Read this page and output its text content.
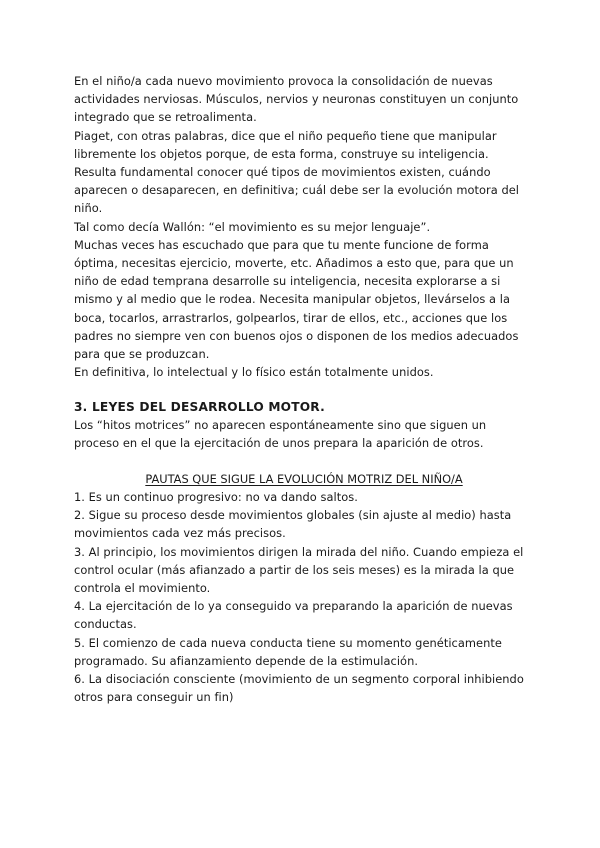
En el niño/a cada nuevo movimiento provoca la consolidación de nuevas actividades nerviosas. Músculos, nervios y neuronas constituyen un conjunto integrado que se retroalimenta.

Piaget, con otras palabras, dice que el niño pequeño tiene que manipular libremente los objetos porque, de esta forma, construye su inteligencia.

Resulta fundamental conocer qué tipos de movimientos existen, cuándo aparecen o desaparecen, en definitiva; cuál debe ser la evolución motora del niño.

Tal como decía Wallón: “el movimiento es su mejor lenguaje”.

Muchas veces has escuchado que para que tu mente funcione de forma óptima, necesitas ejercicio, moverte, etc. Añadimos a esto que, para que un niño de edad temprana desarrolle su inteligencia, necesita explorarse a si mismo y al medio que le rodea. Necesita manipular objetos, llevárselos a la boca, tocarlos, arrastrarlos, golpearlos, tirar de ellos, etc., acciones que los padres no siempre ven con buenos ojos o disponen de los medios adecuados para que se produzcan.

En definitiva, lo intelectual y lo físico están totalmente unidos.

3. LEYES DEL DESARROLLO MOTOR.

Los “hitos motrices” no aparecen espontáneamente sino que siguen un proceso en el que la ejercitación de unos prepara la aparición de otros.

PAUTAS QUE SIGUE LA EVOLUCIÓN MOTRIZ DEL NIÑO/A

1. Es un continuo progresivo: no va dando saltos.

2. Sigue su proceso desde movimientos globales (sin ajuste al medio) hasta movimientos cada vez más precisos.

3. Al principio, los movimientos dirigen la mirada del niño. Cuando empieza el control ocular (más afianzado a partir de los seis meses) es la mirada la que controla el movimiento.

4. La ejercitación de lo ya conseguido va preparando la aparición de nuevas conductas.

5. El comienzo de cada nueva conducta tiene su momento genéticamente programado. Su afianzamiento depende de la estimulación.

6. La disociación consciente (movimiento de un segmento corporal inhibiendo otros para conseguir un fin)
